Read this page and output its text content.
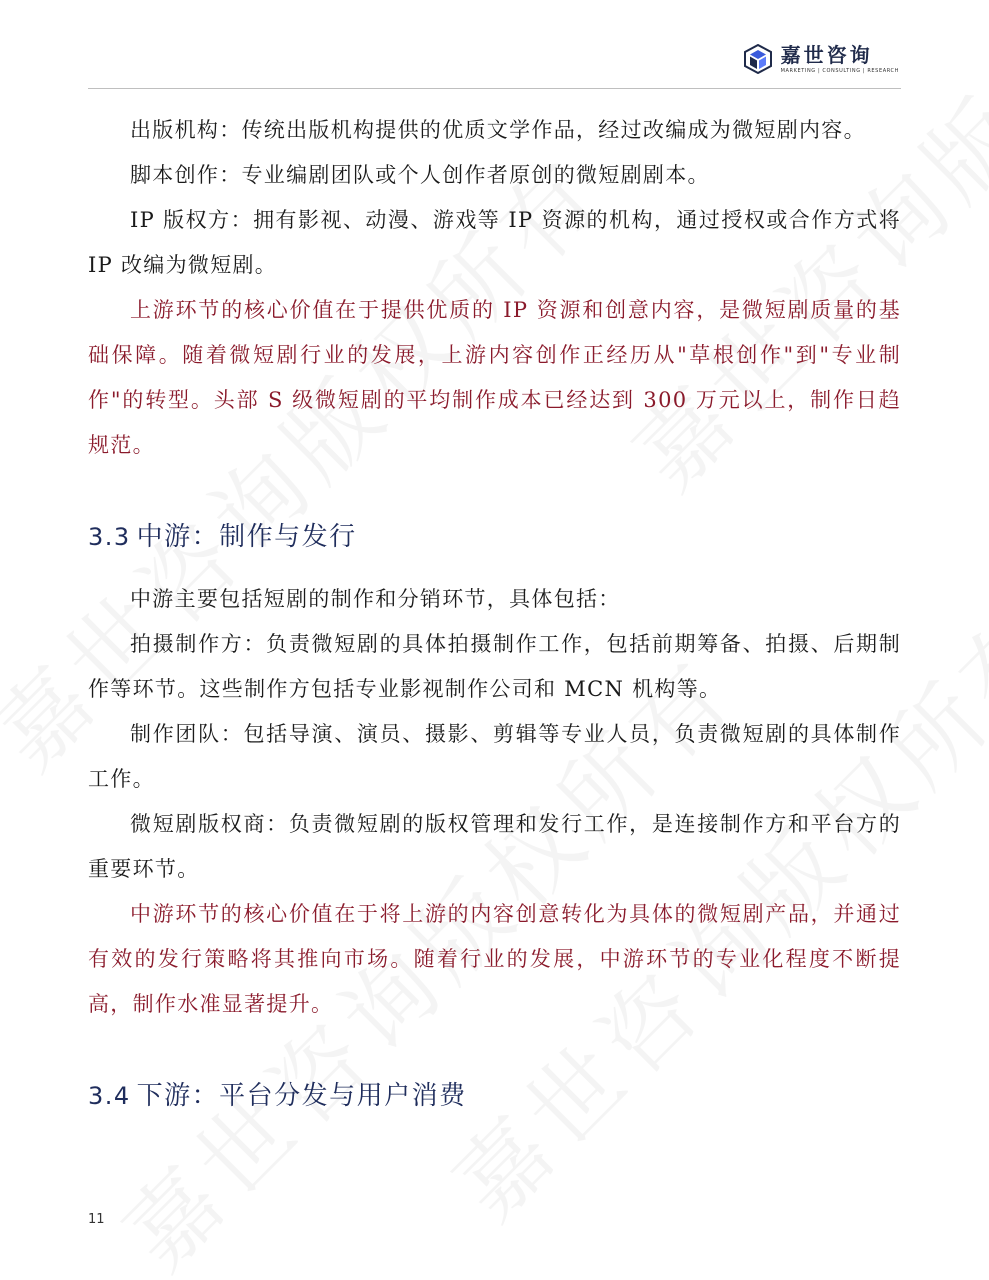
嘉世咨询
MARKETING | CONSULTING | RESEARCH

出版机构：传统出版机构提供的优质文学作品，经过改编成为微短剧内容。

脚本创作：专业编剧团队或个人创作者原创的微短剧剧本。

IP 版权方：拥有影视、动漫、游戏等 IP 资源的机构，通过授权或合作方式将 IP 改编为微短剧。

上游环节的核心价值在于提供优质的 IP 资源和创意内容，是微短剧质量的基础保障。随着微短剧行业的发展，上游内容创作正经历从"草根创作"到"专业制作"的转型。头部 S 级微短剧的平均制作成本已经达到 300 万元以上，制作日趋规范。

3.3 中游：制作与发行

中游主要包括短剧的制作和分销环节，具体包括：

拍摄制作方：负责微短剧的具体拍摄制作工作，包括前期筹备、拍摄、后期制作等环节。这些制作方包括专业影视制作公司和 MCN 机构等。

制作团队：包括导演、演员、摄影、剪辑等专业人员，负责微短剧的具体制作工作。

微短剧版权商：负责微短剧的版权管理和发行工作，是连接制作方和平台方的重要环节。

中游环节的核心价值在于将上游的内容创意转化为具体的微短剧产品，并通过有效的发行策略将其推向市场。随着行业的发展，中游环节的专业化程度不断提高，制作水准显著提升。

3.4 下游：平台分发与用户消费
11
